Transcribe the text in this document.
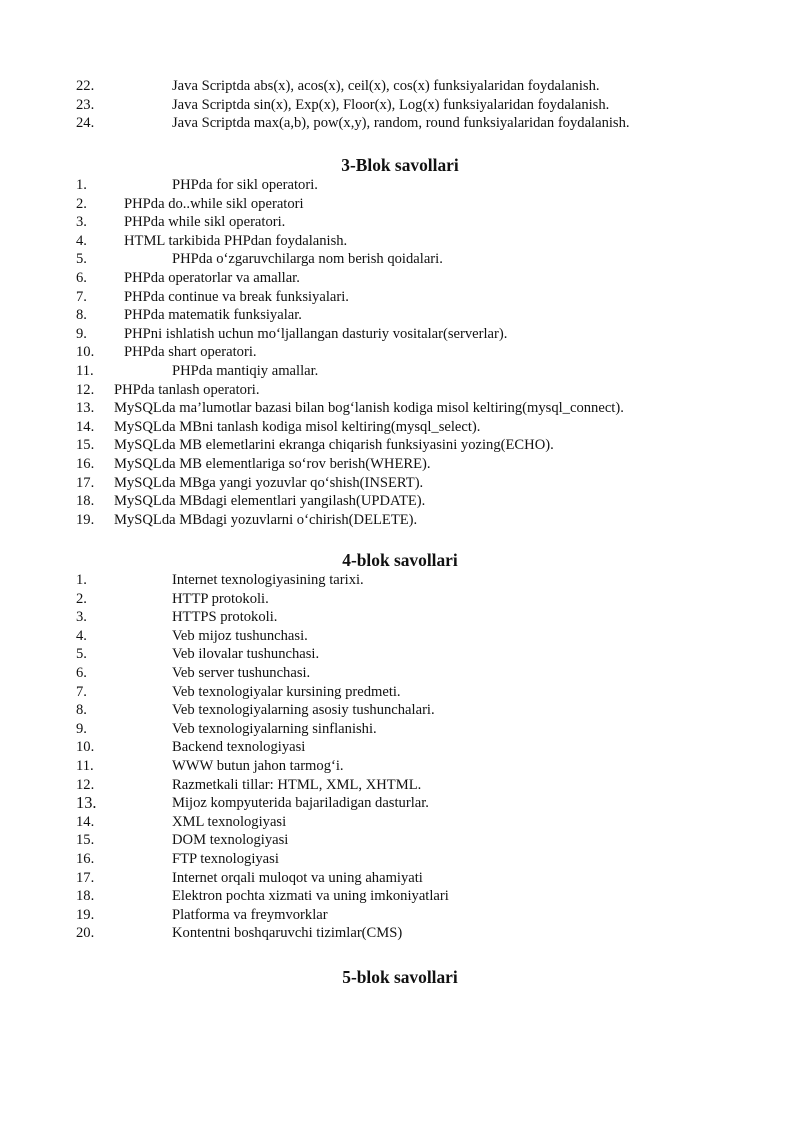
22.	Java Scriptda abs(x), acos(x), ceil(x), cos(x) funksiyalaridan foydalanish.
23.	Java Scriptda sin(x), Exp(x), Floor(x), Log(x) funksiyalaridan foydalanish.
24.	Java Scriptda max(a,b), pow(x,y), random, round funksiyalaridan foydalanish.
3-Blok savollari
1.	PHPda for sikl operatori.
2.	PHPda do..while sikl operatori
3.	PHPda while sikl operatori.
4.	HTML tarkibida PHPdan foydalanish.
5.	PHPda o‘zgaruvchilarga nom berish qoidalari.
6.	PHPda operatorlar va amallar.
7.	PHPda continue va break funksiyalari.
8.	PHPda matematik funksiyalar.
9.	PHPni ishlatish uchun mo‘ljallangan dasturiy vositalar(serverlar).
10. PHPda shart operatori.
11.	PHPda mantiqiy amallar.
12. PHPda tanlash operatori.
13. MySQLda ma’lumotlar bazasi bilan bog‘lanish kodiga misol keltiring(mysql_connect).
14. MySQLda MBni tanlash kodiga misol keltiring(mysql_select).
15. MySQLda MB elemetlarini ekranga chiqarish funksiyasini yozing(ECHO).
16. MySQLda MB elementlariga so‘rov berish(WHERE).
17. MySQLda MBga yangi yozuvlar qo‘shish(INSERT).
18. MySQLda MBdagi elementlari yangilash(UPDATE).
19. MySQLda MBdagi yozuvlarni o‘chirish(DELETE).
4-blok savollari
1.	Internet texnologiyasining tarixi.
2.	HTTP protokoli.
3.	HTTPS protokoli.
4.	Veb mijoz tushunchasi.
5.	Veb ilovalar tushunchasi.
6.	Veb server tushunchasi.
7.	Veb texnologiyalar kursining predmeti.
8.	Veb texnologiyalarning asosiy tushunchalari.
9.	Veb texnologiyalarning sinflanishi.
10.	Backend texnologiyasi
11.	WWW butun jahon tarmog‘i.
12.	Razmetkali tillar: HTML, XML, XHTML.
13.	Mijoz kompyuterida bajariladigan dasturlar.
14.	XML texnologiyasi
15.	DOM texnologiyasi
16.	FTP texnologiyasi
17.	Internet orqali muloqot va uning ahamiyati
18.	Elektron pochta xizmati va uning imkoniyatlari
19.	Platforma va freymvorklar
20.	Kontentni boshqaruvchi tizimlar(CMS)
5-blok savollari
